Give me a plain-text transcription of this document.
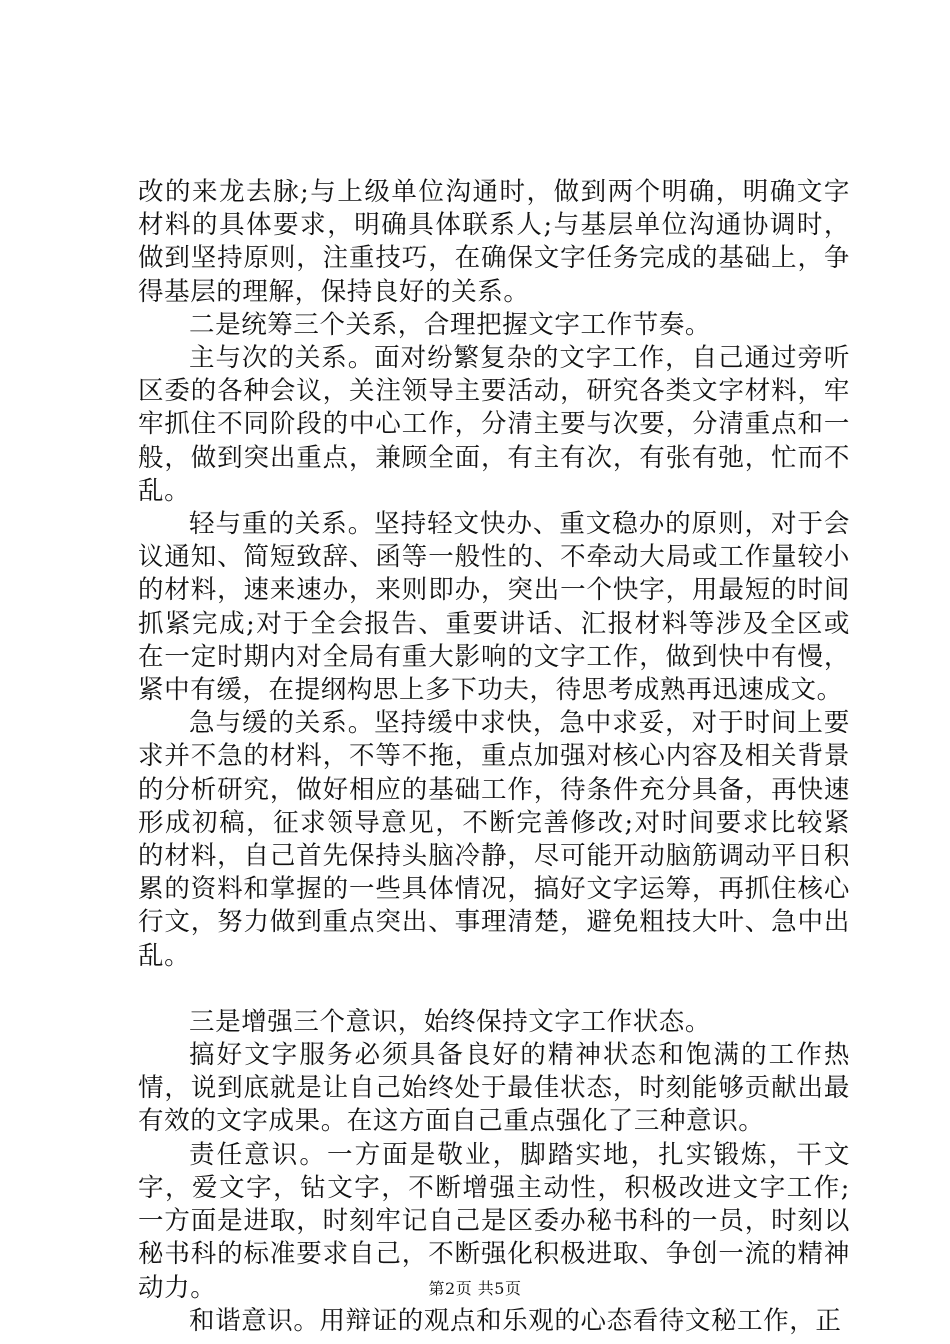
改的来龙去脉;与上级单位沟通时，做到两个明确，明确文字材料的具体要求，明确具体联系人;与基层单位沟通协调时，做到坚持原则，注重技巧，在确保文字任务完成的基础上，争得基层的理解，保持良好的关系。

二是统筹三个关系，合理把握文字工作节奏。

主与次的关系。面对纷繁复杂的文字工作，自己通过旁听区委的各种会议，关注领导主要活动，研究各类文字材料，牢牢抓住不同阶段的中心工作，分清主要与次要，分清重点和一般，做到突出重点，兼顾全面，有主有次，有张有弛，忙而不乱。

轻与重的关系。坚持轻文快办、重文稳办的原则，对于会议通知、简短致辞、函等一般性的、不牵动大局或工作量较小的材料，速来速办，来则即办，突出一个快字，用最短的时间抓紧完成;对于全会报告、重要讲话、汇报材料等涉及全区或在一定时期内对全局有重大影响的文字工作，做到快中有慢，紧中有缓，在提纲构思上多下功夫，待思考成熟再迅速成文。

急与缓的关系。坚持缓中求快，急中求妥，对于时间上要求并不急的材料，不等不拖，重点加强对核心内容及相关背景的分析研究，做好相应的基础工作，待条件充分具备，再快速形成初稿，征求领导意见，不断完善修改;对时间要求比较紧的材料，自己首先保持头脑冷静，尽可能开动脑筋调动平日积累的资料和掌握的一些具体情况，搞好文字运筹，再抓住核心行文，努力做到重点突出、事理清楚，避免粗技大叶、急中出乱。

三是增强三个意识，始终保持文字工作状态。

搞好文字服务必须具备良好的精神状态和饱满的工作热情，说到底就是让自己始终处于最佳状态，时刻能够贡献出最有效的文字成果。在这方面自己重点强化了三种意识。

责任意识。一方面是敬业，脚踏实地，扎实锻炼，干文字，爱文字，钻文字，不断增强主动性，积极改进文字工作;一方面是进取，时刻牢记自己是区委办秘书科的一员，时刻以秘书科的标准要求自己，不断强化积极进取、争创一流的精神动力。

和谐意识。用辩证的观点和乐观的心态看待文秘工作，正

第2页 共5页
